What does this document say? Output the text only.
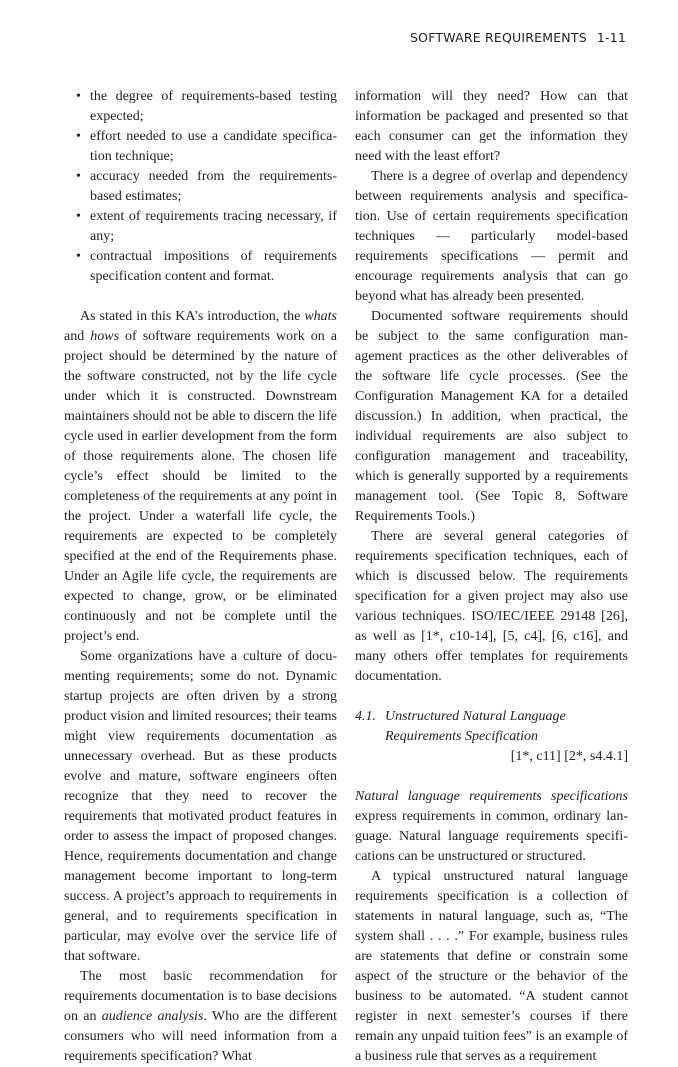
SOFTWARE REQUIREMENTS 1-11
• the degree of requirements-based testing expected;
• effort needed to use a candidate specification technique;
• accuracy needed from the requirements-based estimates;
• extent of requirements tracing necessary, if any;
• contractual impositions of requirements specification content and format.

As stated in this KA’s introduction, the whats and hows of software requirements work on a project should be determined by the nature of the software constructed, not by the life cycle under which it is constructed. Downstream maintainers should not be able to discern the life cycle used in earlier development from the form of those requirements alone. The chosen life cycle’s effect should be limited to the completeness of the requirements at any point in the project. Under a waterfall life cycle, the requirements are expected to be completely specified at the end of the Requirements phase. Under an Agile life cycle, the requirements are expected to change, grow, or be eliminated continuously and not be complete until the project’s end.

Some organizations have a culture of documenting requirements; some do not. Dynamic startup projects are often driven by a strong product vision and limited resources; their teams might view requirements documentation as unnecessary overhead. But as these products evolve and mature, software engineers often recognize that they need to recover the requirements that motivated product features in order to assess the impact of proposed changes. Hence, requirements documentation and change management become important to long-term success. A project’s approach to requirements in general, and to requirements specification in particular, may evolve over the service life of that software.

The most basic recommendation for requirements documentation is to base decisions on an audience analysis. Who are the different consumers who will need information from a requirements specification? What

information will they need? How can that information be packaged and presented so that each consumer can get the information they need with the least effort?

There is a degree of overlap and dependency between requirements analysis and specification. Use of certain requirements specification techniques — particularly model-based requirements specifications — permit and encourage requirements analysis that can go beyond what has already been presented.

Documented software requirements should be subject to the same configuration management practices as the other deliverables of the software life cycle processes. (See the Configuration Management KA for a detailed discussion.) In addition, when practical, the individual requirements are also subject to configuration management and traceability, which is generally supported by a requirements management tool. (See Topic 8, Software Requirements Tools.)

There are several general categories of requirements specification techniques, each of which is discussed below. The requirements specification for a given project may also use various techniques. ISO/IEC/IEEE 29148 [26], as well as [1*, c10-14], [5, c4], [6, c16], and many others offer templates for requirements documentation.

4.1. Unstructured Natural Language
Requirements Specification
[1*, c11] [2*, s4.4.1]

Natural language requirements specifications express requirements in common, ordinary language. Natural language requirements specifications can be unstructured or structured.

A typical unstructured natural language requirements specification is a collection of statements in natural language, such as, “The system shall . . . .” For example, business rules are statements that define or constrain some aspect of the structure or the behavior of the business to be automated. “A student cannot register in next semester’s courses if there remain any unpaid tuition fees” is an example of a business rule that serves as a requirement
